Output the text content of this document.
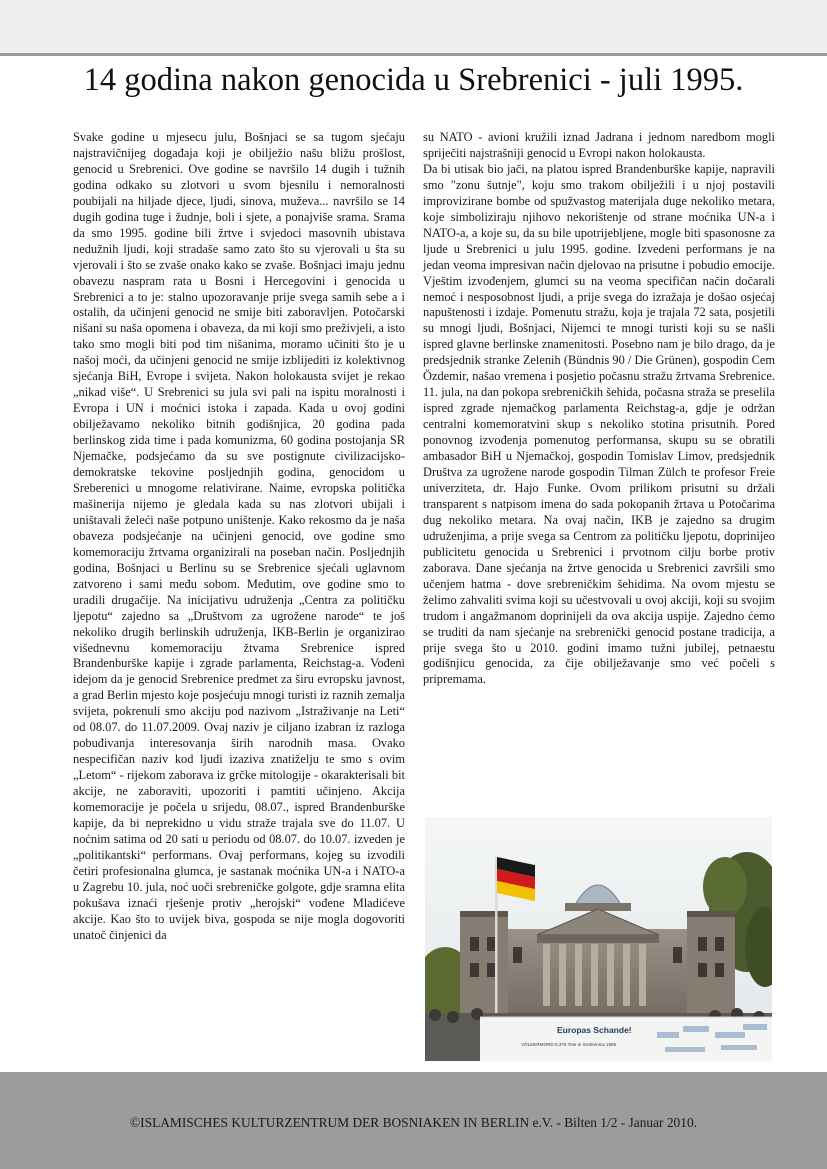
14 godina nakon genocida u Srebrenici - juli 1995.

Svake godine u mjesecu julu, Bošnjaci se sa tugom sjećaju najstravičnijeg događaja koji je obilježio našu bližu prošlost, genocid u Srebrenici. Ove godine se navršilo 14 dugih i tužnih godina odkako su zlotvori u svom bjesnilu i nemoralnosti poubijali na hiljade djece, ljudi, sinova, muževa... navršilo se 14 dugih godina tuge i žudnje, boli i sjete, a ponajviše srama. Srama da smo 1995. godine bili žrtve i svjedoci masovnih ubistava nedužnih ljudi, koji stradaše samo zato što su vjerovali u šta su vjerovali i što se zvaše onako kako se zvaše. Bošnjaci imaju jednu obavezu naspram rata u Bosni i Hercegovini i genocida u Srebrenici a to je: stalno upozoravanje prije svega samih sebe a i ostalih, da učinjeni genocid ne smije biti zaboravljen. Potočarski nišani su naša opomena i obaveza, da mi koji smo preživjeli, a isto tako smo mogli biti pod tim nišanima, moramo učiniti što je u našoj moći, da učinjeni genocid ne smije izblijediti iz kolektivnog sjećanja BiH, Evrope i svijeta. Nakon holokausta svijet je rekao „nikad više“. U Srebrenici su jula svi pali na ispitu moralnosti i Evropa i UN i moćnici istoka i zapada. Kada u ovoj godini obilježavamo nekoliko bitnih godišnjica, 20 godina pada berlinskog zida time i pada komunizma, 60 godina postojanja SR Njemačke, podsjećamo da su sve postignute civilizacijsko-demokratske tekovine posljednjih godina, genocidom u Sreberenici u mnogome relativirane. Naime, evropska politička mašinerija nijemo je gledala kada su nas zlotvori ubijali i uništavali želeći naše potpuno uništenje. Kako rekosmo da je naša obaveza podsjećanje na učinjeni genocid, ove godine smo komemoraciju žrtvama organizirali na poseban način. Posljednjih godina, Bošnjaci u Berlinu su se Srebrenice sjećali uglavnom zatvoreno i sami među sobom. Međutim, ove godine smo to uradili drugačije. Na inicijativu udruženja „Centra za političku ljepotu“ zajedno sa „Društvom za ugrožene narode“ te još nekoliko drugih berlinskih udruženja, IKB-Berlin je organizirao višednevnu komemoraciju žtvama Srebrenice ispred Brandenburške kapije i zgrade parlamenta, Reichstag-a. Vođeni idejom da je genocid Srebrenice predmet za širu evropsku javnost, a grad Berlin mjesto koje posjećuju mnogi turisti iz raznih zemalja svijeta, pokrenuli smo akciju pod nazivom „Istraživanje na Leti“ od 08.07. do 11.07.2009. Ovaj naziv je ciljano izabran iz razloga pobuđivanja interesovanja širih narodnih masa. Ovako nespecifičan naziv kod ljudi izaziva znatiželju te smo s ovim „Letom“ - rijekom zaborava iz grčke mitologije - okarakterisali bit akcije, ne zaboraviti, upozoriti i pamtiti učinjeno. Akcija komemoracije je počela u srijedu, 08.07., ispred Brandenburške kapije, da bi neprekidno u vidu straže trajala sve do 11.07. U noćnim satima od 20 sati u periodu od 08.07. do 10.07. izveden je „politikantski“ performans. Ovaj performans, kojeg su izvodili četiri profesionalna glumca, je sastanak moćnika UN-a i NATO-a u Zagrebu 10. jula, noć uoči srebreničke golgote, gdje sramna elita pokušava iznaći rješenje protiv „herojski“ vođene Mladićeve akcije. Kao što to uvijek biva, gospoda se nije mogla dogovoriti unatoč činjenici da

su NATO - avioni kružili iznad Jadrana i jednom naredbom mogli spriječiti najstrašniji genocid u Evropi nakon holokausta.

Da bi utisak bio jači, na platou ispred Brandenburške kapije, napravili smo "zonu šutnje", koju smo trakom obilježili i u njoj postavili improvizirane bombe od spužvastog materijala duge nekoliko metara, koje simboliziraju njihovo nekorištenje od strane moćnika UN-a i NATO-a, a koje su, da su bile upotrijebljene, mogle biti spasonosne za ljude u Srebrenici u julu 1995. godine. Izvedeni performans je na jedan veoma impresivan način djelovao na prisutne i pobudio emocije. Vještim izvođenjem, glumci su na veoma specifičan način dočarali nemoć i nesposobnost ljudi, a prije svega do izražaja je došao osjećaj napuštenosti i izdaje. Pomenutu stražu, koja je trajala 72 sata, posjetili su mnogi ljudi, Bošnjaci, Nijemci te mnogi turisti koji su se našli ispred glavne berlinske znamenitosti. Posebno nam je bilo drago, da je predsjednik stranke Zelenih (Bündnis 90 / Die Grünen), gospodin Cem Özdemir, našao vremena i posjetio počasnu stražu žrtvama Srebrenice. 11. jula, na dan pokopa srebreničkih šehida, počasna straža se preselila ispred zgrade njemačkog parlamenta Reichstag-a, gdje je održan centralni komemoratvini skup s nekoliko stotina prisutnih. Pored ponovnog izvođenja pomenutog performansa, skupu su se obratili ambasador BiH u Njemačkoj, gospodin Tomislav Limov, predsjednik Društva za ugrožene narode gospodin Tilman Zülch te profesor Freie univerziteta, dr. Hajo Funke. Ovom prilikom prisutni su držali transparent s natpisom imena do sada pokopanih žrtava u Potočarima dug nekoliko metara. Na ovaj način, IKB je zajedno sa drugim udruženjima, a prije svega sa Centrom za političku ljepotu, doprinijeo publicitetu genocida u Srebrenici i prvotnom cilju borbe protiv zaborava. Dane sjećanja na žrtve genocida u Srebrenici završili smo učenjem hatma - dove srebreničkim šehidima. Na ovom mjestu se želimo zahvaliti svima koji su učestvovali u ovoj akciji, koji su svojim trudom i angažmanom doprinijeli da ova akcija uspije. Zajedno ćemo se truditi da nam sjećanje na srebrenički genocid postane tradicija, a prije svega što u 2010. godini imamo tužni jubilej, petnaestu godišnjicu genocida, za čije obilježavanje smo već počeli s pripremama.

Europas Schande!
VÖLKERMORD 8.376 Tote in Srebrenica 1995
©ISLAMISCHES KULTURZENTRUM DER BOSNIAKEN IN BERLIN e.V. - Bilten 1/2 - Januar 2010.
